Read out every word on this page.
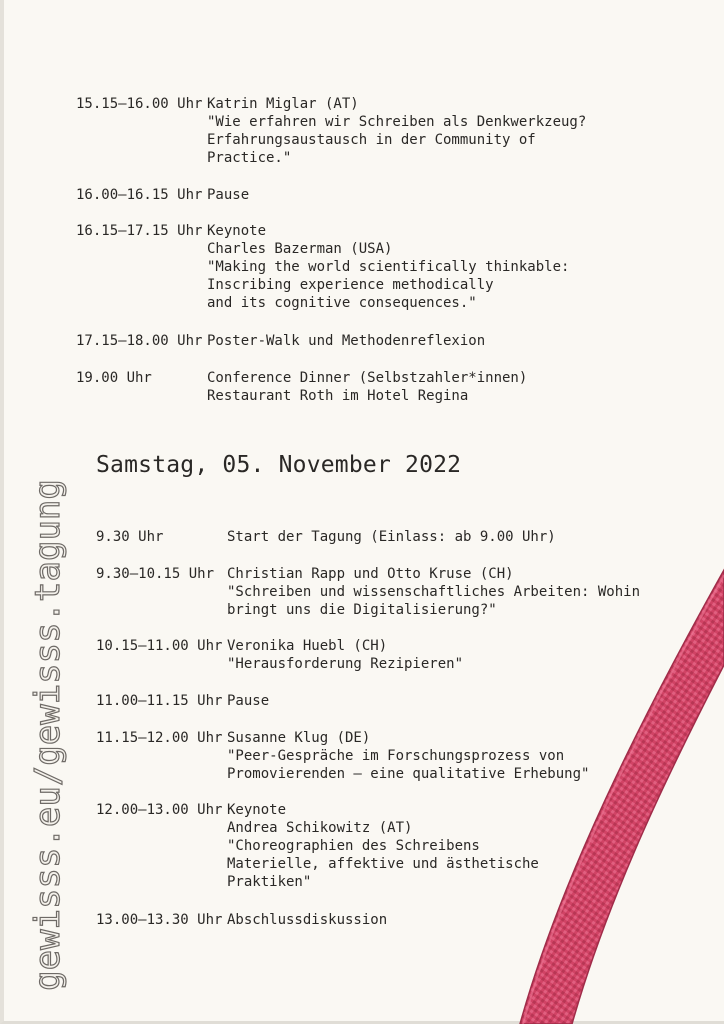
gewisss.eu/gewisss.tagung
15.15–16.00 Uhr Katrin Miglar (AT)
"Wie erfahren wir Schreiben als Denkwerkzeug?
Erfahrungsaustausch in der Community of
Practice."
16.00–16.15 Uhr Pause
16.15–17.15 Uhr Keynote
Charles Bazerman (USA)
"Making the world scientifically thinkable:
Inscribing experience methodically
and its cognitive consequences."
17.15–18.00 Uhr Poster-Walk und Methodenreflexion
19.00 Uhr	Conference Dinner (Selbstzahler*innen)
Restaurant Roth im Hotel Regina
Samstag, 05. November 2022
9.30 Uhr	Start der Tagung (Einlass: ab 9.00 Uhr)
9.30–10.15 Uhr Christian Rapp und Otto Kruse (CH)
"Schreiben und wissenschaftliches Arbeiten: Wohin
bringt uns die Digitalisierung?"
10.15–11.00 Uhr Veronika Huebl (CH)
"Herausforderung Rezipieren"
11.00–11.15 Uhr Pause
11.15–12.00 Uhr Susanne Klug (DE)
"Peer-Gespräche im Forschungsprozess von
Promovierenden – eine qualitative Erhebung"
12.00–13.00 Uhr Keynote
Andrea Schikowitz (AT)
"Choreographien des Schreibens
Materielle, affektive und ästhetische
Praktiken"
13.00–13.30 Uhr Abschlussdiskussion
